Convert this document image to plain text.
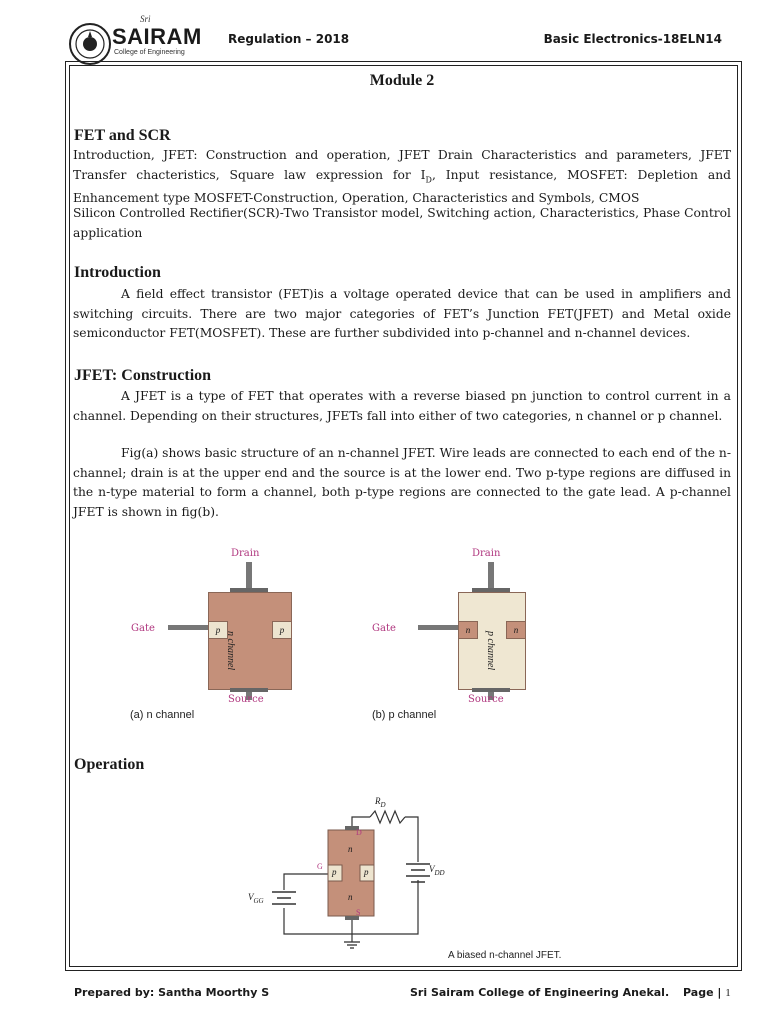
Sri
SAIRAM
College of Engineering
Regulation – 2018	Basic Electronics-18ELN14
Module 2
FET and SCR

Introduction, JFET: Construction and operation, JFET Drain Characteristics and parameters, JFET Transfer chacteristics, Square law expression for $I_D$, Input resistance, MOSFET: Depletion and Enhancement type MOSFET-Construction, Operation, Characteristics and Symbols, CMOS

Silicon Controlled Rectifier(SCR)-Two Transistor model, Switching action, Characteristics, Phase Control application

Introduction

A field effect transistor (FET)is a voltage operated device that can be used in amplifiers and switching circuits. There are two major categories of FET’s Junction FET(JFET) and Metal oxide semiconductor FET(MOSFET). These are further subdivided into p-channel and n-channel devices.

JFET: Construction

A JFET is a type of FET that operates with a reverse biased pn junction to control current in a channel. Depending on their structures, JFETs fall into either of two categories, n channel or p channel.

Fig(a) shows basic structure of an n-channel JFET. Wire leads are connected to each end of the n-channel; drain is at the upper end and the source is at the lower end. Two p-type regions are diffused in the n-type material to form a channel, both p-type regions are connected to the gate lead. A p-channel JFET is shown in fig(b).

Drain
p	p
n channel
Gate
Source
(a) n channel
Drain
n	n
p channel
Gate
Source
(b) p channel
Operation
$R_D$
$V_{DD}$
$V_{GG}$
D
G
S
n
n
p	p
A biased n-channel JFET.
Prepared by: Santha Moorthy S	Sri Sairam College of Engineering Anekal. Page | 1
